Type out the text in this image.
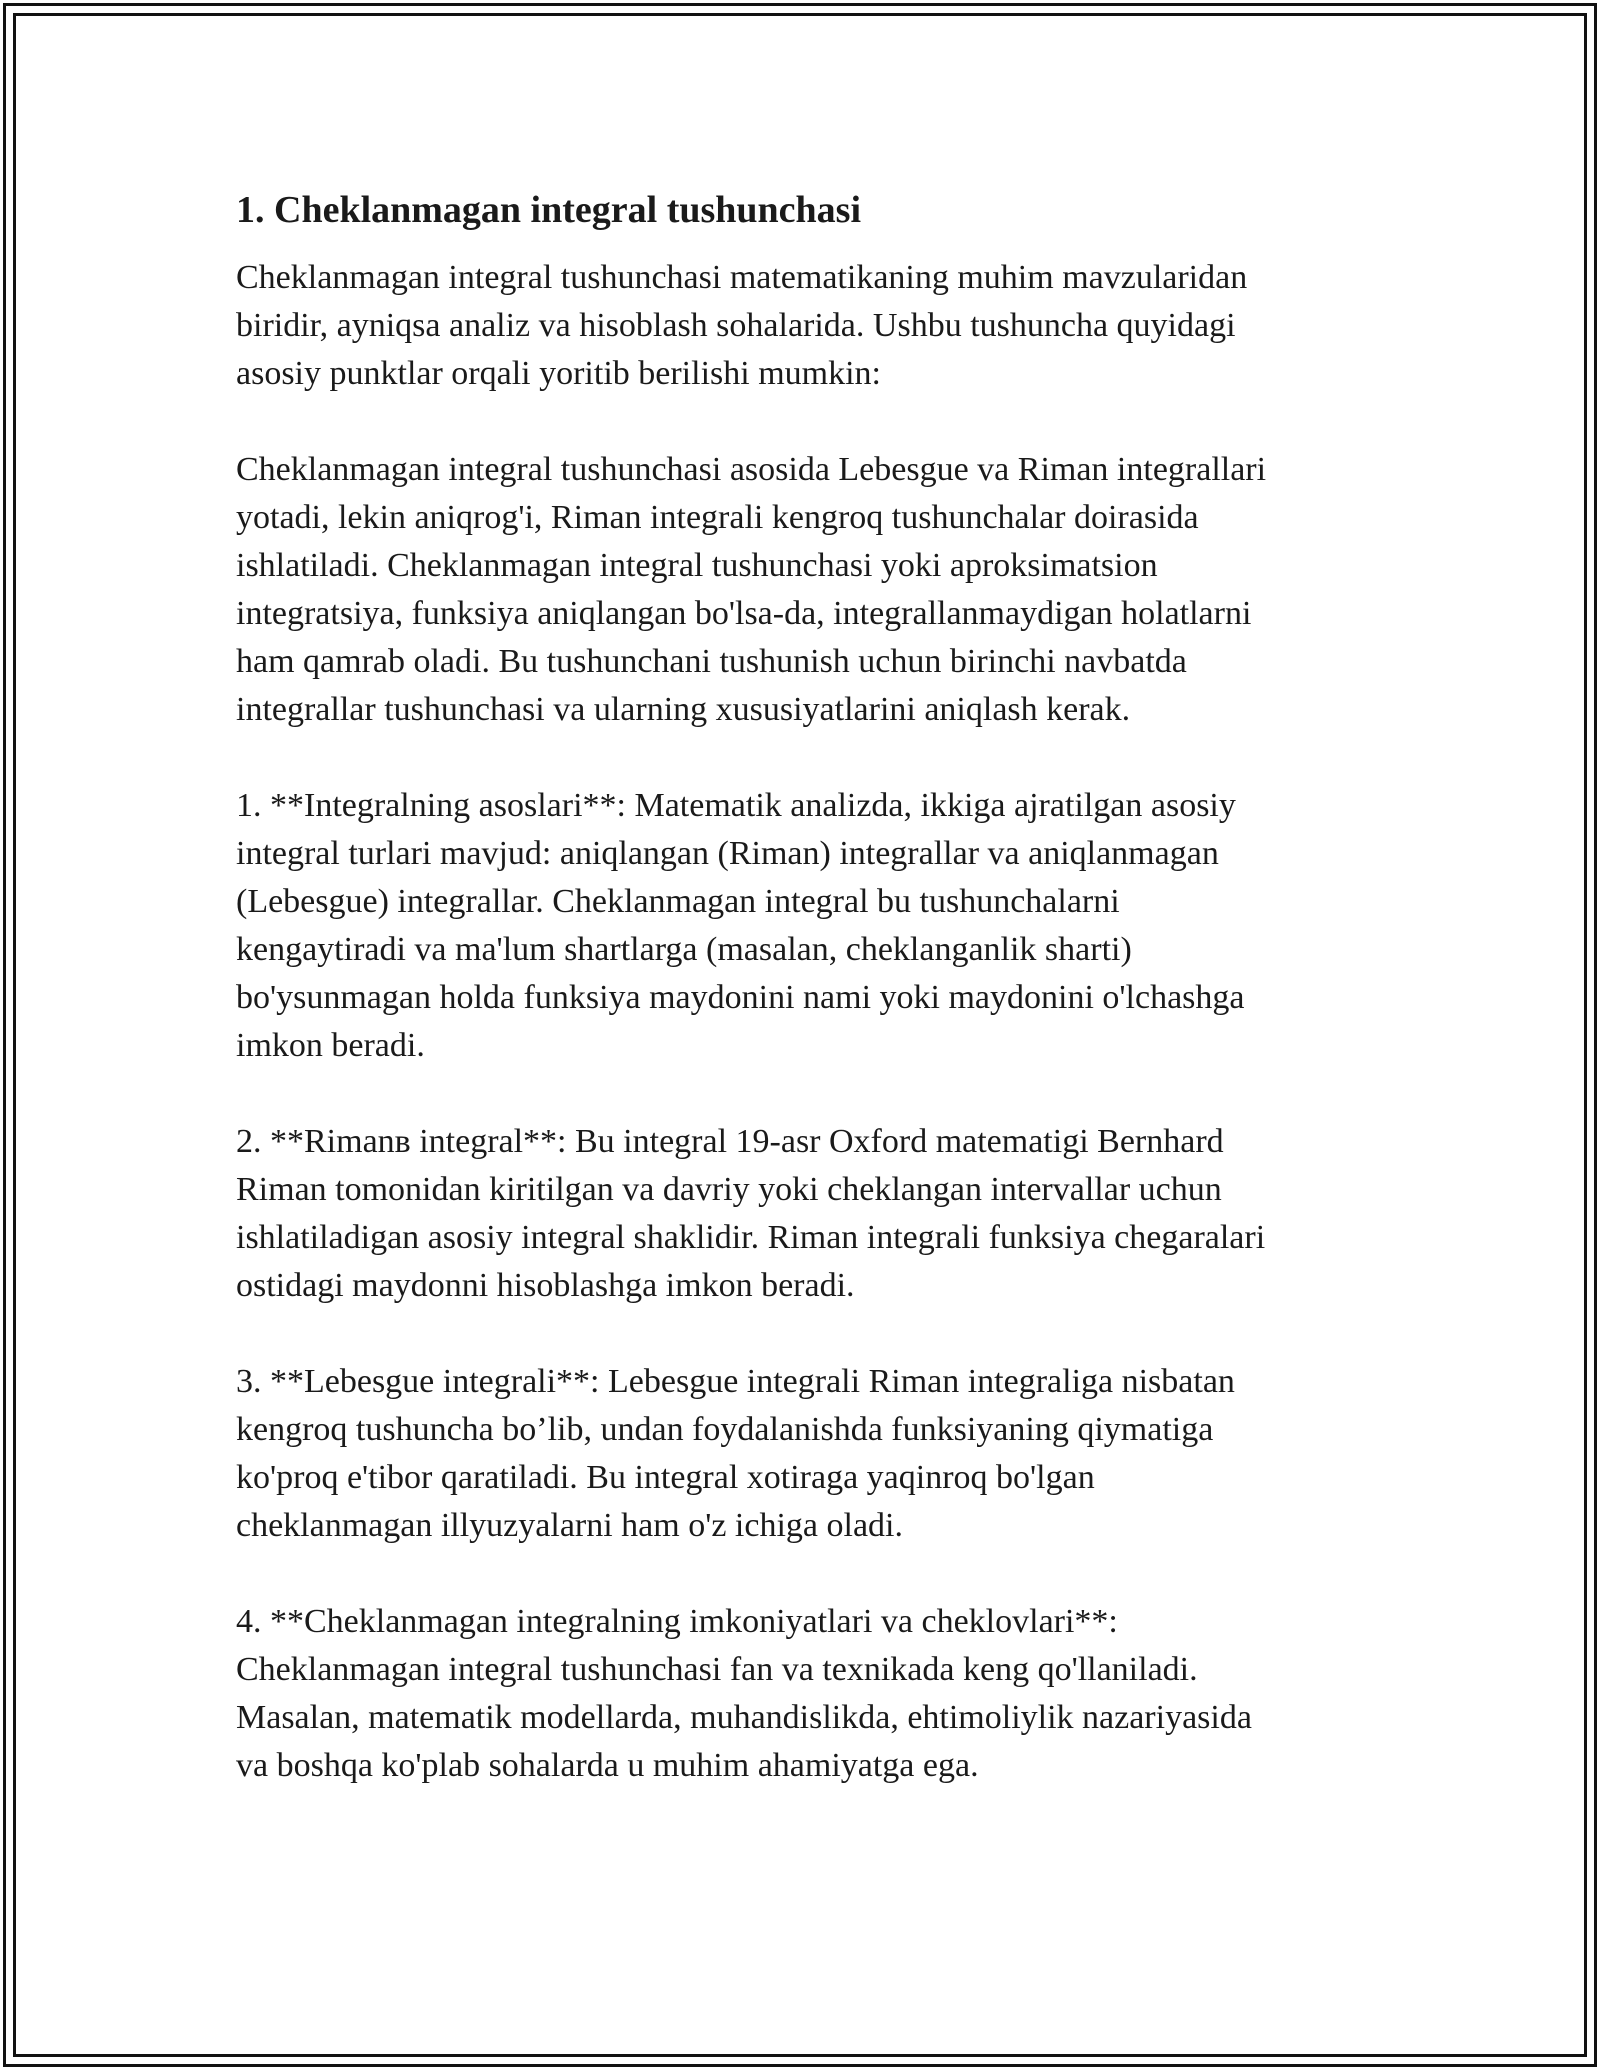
1. Cheklanmagan integral tushunchasi

Cheklanmagan integral tushunchasi matematikaning muhim mavzularidan
biridir, ayniqsa analiz va hisoblash sohalarida. Ushbu tushuncha quyidagi
asosiy punktlar orqali yoritib berilishi mumkin:

Cheklanmagan integral tushunchasi asosida Lebesgue va Riman integrallari
yotadi, lekin aniqrog'i, Riman integrali kengroq tushunchalar doirasida
ishlatiladi. Cheklanmagan integral tushunchasi yoki aproksimatsion
integratsiya, funksiya aniqlangan bo'lsa-da, integrallanmaydigan holatlarni
ham qamrab oladi. Bu tushunchani tushunish uchun birinchi navbatda
integrallar tushunchasi va ularning xususiyatlarini aniqlash kerak.

1. **Integralning asoslari**: Matematik analizda, ikkiga ajratilgan asosiy
integral turlari mavjud: aniqlangan (Riman) integrallar va aniqlanmagan
(Lebesgue) integrallar. Cheklanmagan integral bu tushunchalarni
kengaytiradi va ma'lum shartlarga (masalan, cheklanganlik sharti)
bo'ysunmagan holda funksiya maydonini nami yoki maydonini o'lchashga
imkon beradi.

2. **Rimanв integral**: Bu integral 19-asr Oxford matematigi Bernhard
Riman tomonidan kiritilgan va davriy yoki cheklangan intervallar uchun
ishlatiladigan asosiy integral shaklidir. Riman integrali funksiya chegaralari
ostidagi maydonni hisoblashga imkon beradi.

3. **Lebesgue integrali**: Lebesgue integrali Riman integraliga nisbatan
kengroq tushuncha bo’lib, undan foydalanishda funksiyaning qiymatiga
ko'proq e'tibor qaratiladi. Bu integral xotiraga yaqinroq bo'lgan
cheklanmagan illyuzyalarni ham o'z ichiga oladi.

4. **Cheklanmagan integralning imkoniyatlari va cheklovlari**:
Cheklanmagan integral tushunchasi fan va texnikada keng qo'llaniladi.
Masalan, matematik modellarda, muhandislikda, ehtimoliylik nazariyasida
va boshqa ko'plab sohalarda u muhim ahamiyatga ega.
